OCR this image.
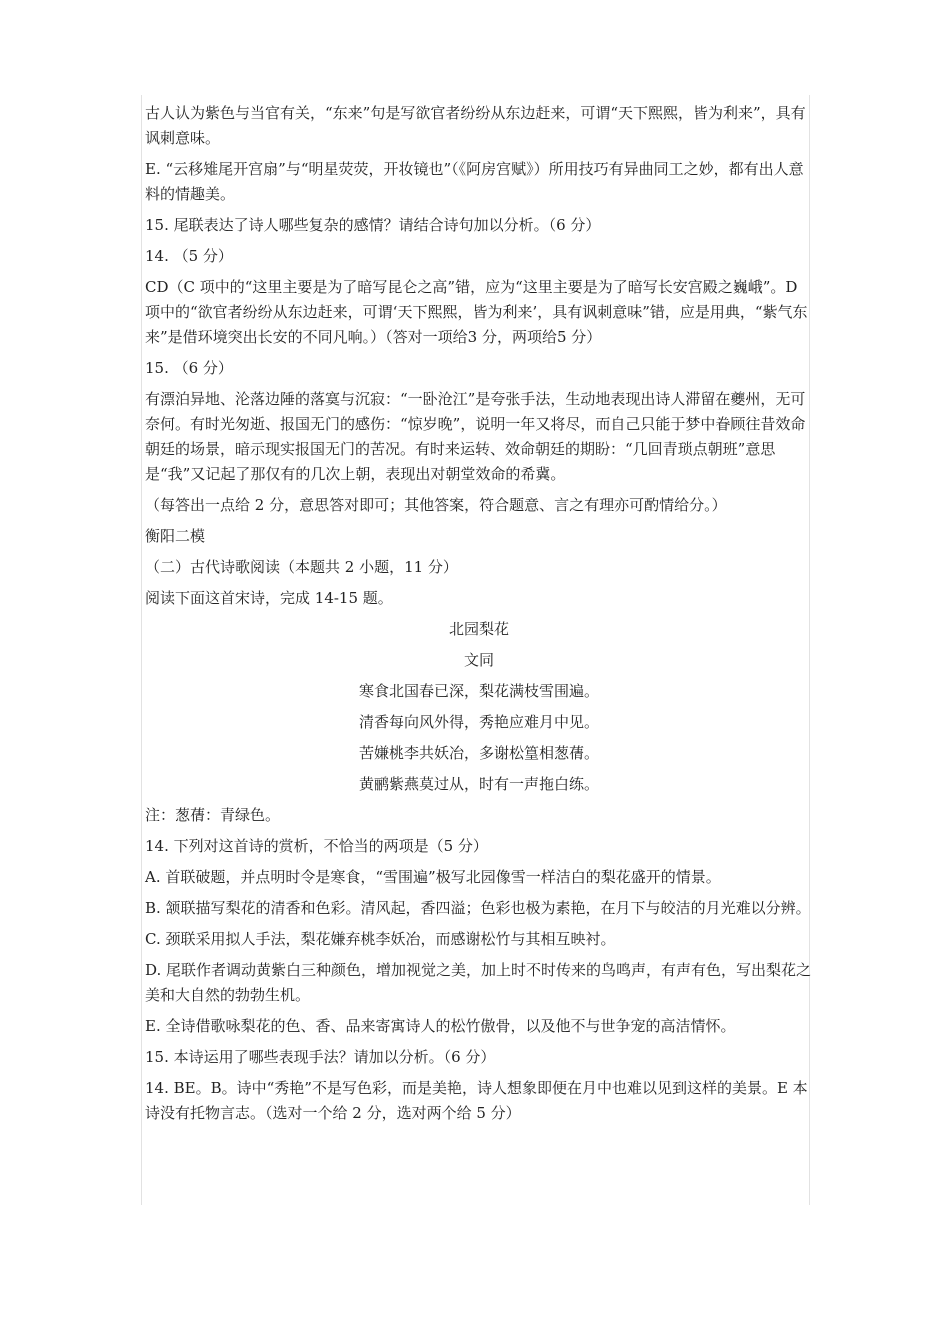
古人认为紫色与当官有关，“东来”句是写欲官者纷纷从东边赶来，可谓“天下熙熙，皆为利来”，具有讽刺意味。

E. “云移雉尾开宫扇”与“明星荧荧，开妆镜也”（《阿房宫赋》）所用技巧有异曲同工之妙，都有出人意料的情趣美。

15. 尾联表达了诗人哪些复杂的感情？请结合诗句加以分析。（6 分）

14. （5 分）

CD（C 项中的“这里主要是为了暗写昆仑之高”错，应为“这里主要是为了暗写长安宫殿之巍峨”。D 项中的“欲官者纷纷从东边赶来，可谓‘天下熙熙，皆为利来’，具有讽刺意味”错，应是用典，“紫气东来”是借环境突出长安的不同凡响。）（答对一项给3 分，两项给5 分）

15. （6 分）

有漂泊异地、沦落边陲的落寞与沉寂：“一卧沧江”是夸张手法，生动地表现出诗人滞留在夔州，无可奈何。有时光匆逝、报国无门的感伤：“惊岁晚”，说明一年又将尽，而自己只能于梦中眷顾往昔效命朝廷的场景，暗示现实报国无门的苦况。有时来运转、效命朝廷的期盼：“几回青琐点朝班”意思是“我”又记起了那仅有的几次上朝，表现出对朝堂效命的希冀。

（每答出一点给 2 分，意思答对即可；其他答案，符合题意、言之有理亦可酌情给分。）

衡阳二模

（二）古代诗歌阅读（本题共 2 小题，11 分）

阅读下面这首宋诗，完成 14-15 题。

北园梨花

文同

寒食北国春已深，梨花满枝雪围遍。

清香每向风外得，秀艳应难月中见。

苦嫌桃李共妖冶，多谢松篁相葱蒨。

黄鹂紫燕莫过从，时有一声拖白练。

注：葱蒨：青绿色。

14. 下列对这首诗的赏析，不恰当的两项是（5 分）

A. 首联破题，并点明时令是寒食，“雪围遍”极写北园像雪一样洁白的梨花盛开的情景。

B. 颔联描写梨花的清香和色彩。清风起，香四溢；色彩也极为素艳，在月下与皎洁的月光难以分辨。

C. 颈联采用拟人手法，梨花嫌弃桃李妖冶，而感谢松竹与其相互映衬。

D. 尾联作者调动黄紫白三种颜色，增加视觉之美，加上时不时传来的鸟鸣声，有声有色，写出梨花之美和大自然的勃勃生机。

E. 全诗借歌咏梨花的色、香、品来寄寓诗人的松竹傲骨，以及他不与世争宠的高洁情怀。

15. 本诗运用了哪些表现手法？请加以分析。（6 分）

14. BE。B。诗中“秀艳”不是写色彩，而是美艳，诗人想象即便在月中也难以见到这样的美景。E 本诗没有托物言志。（选对一个给 2 分，选对两个给 5 分）
